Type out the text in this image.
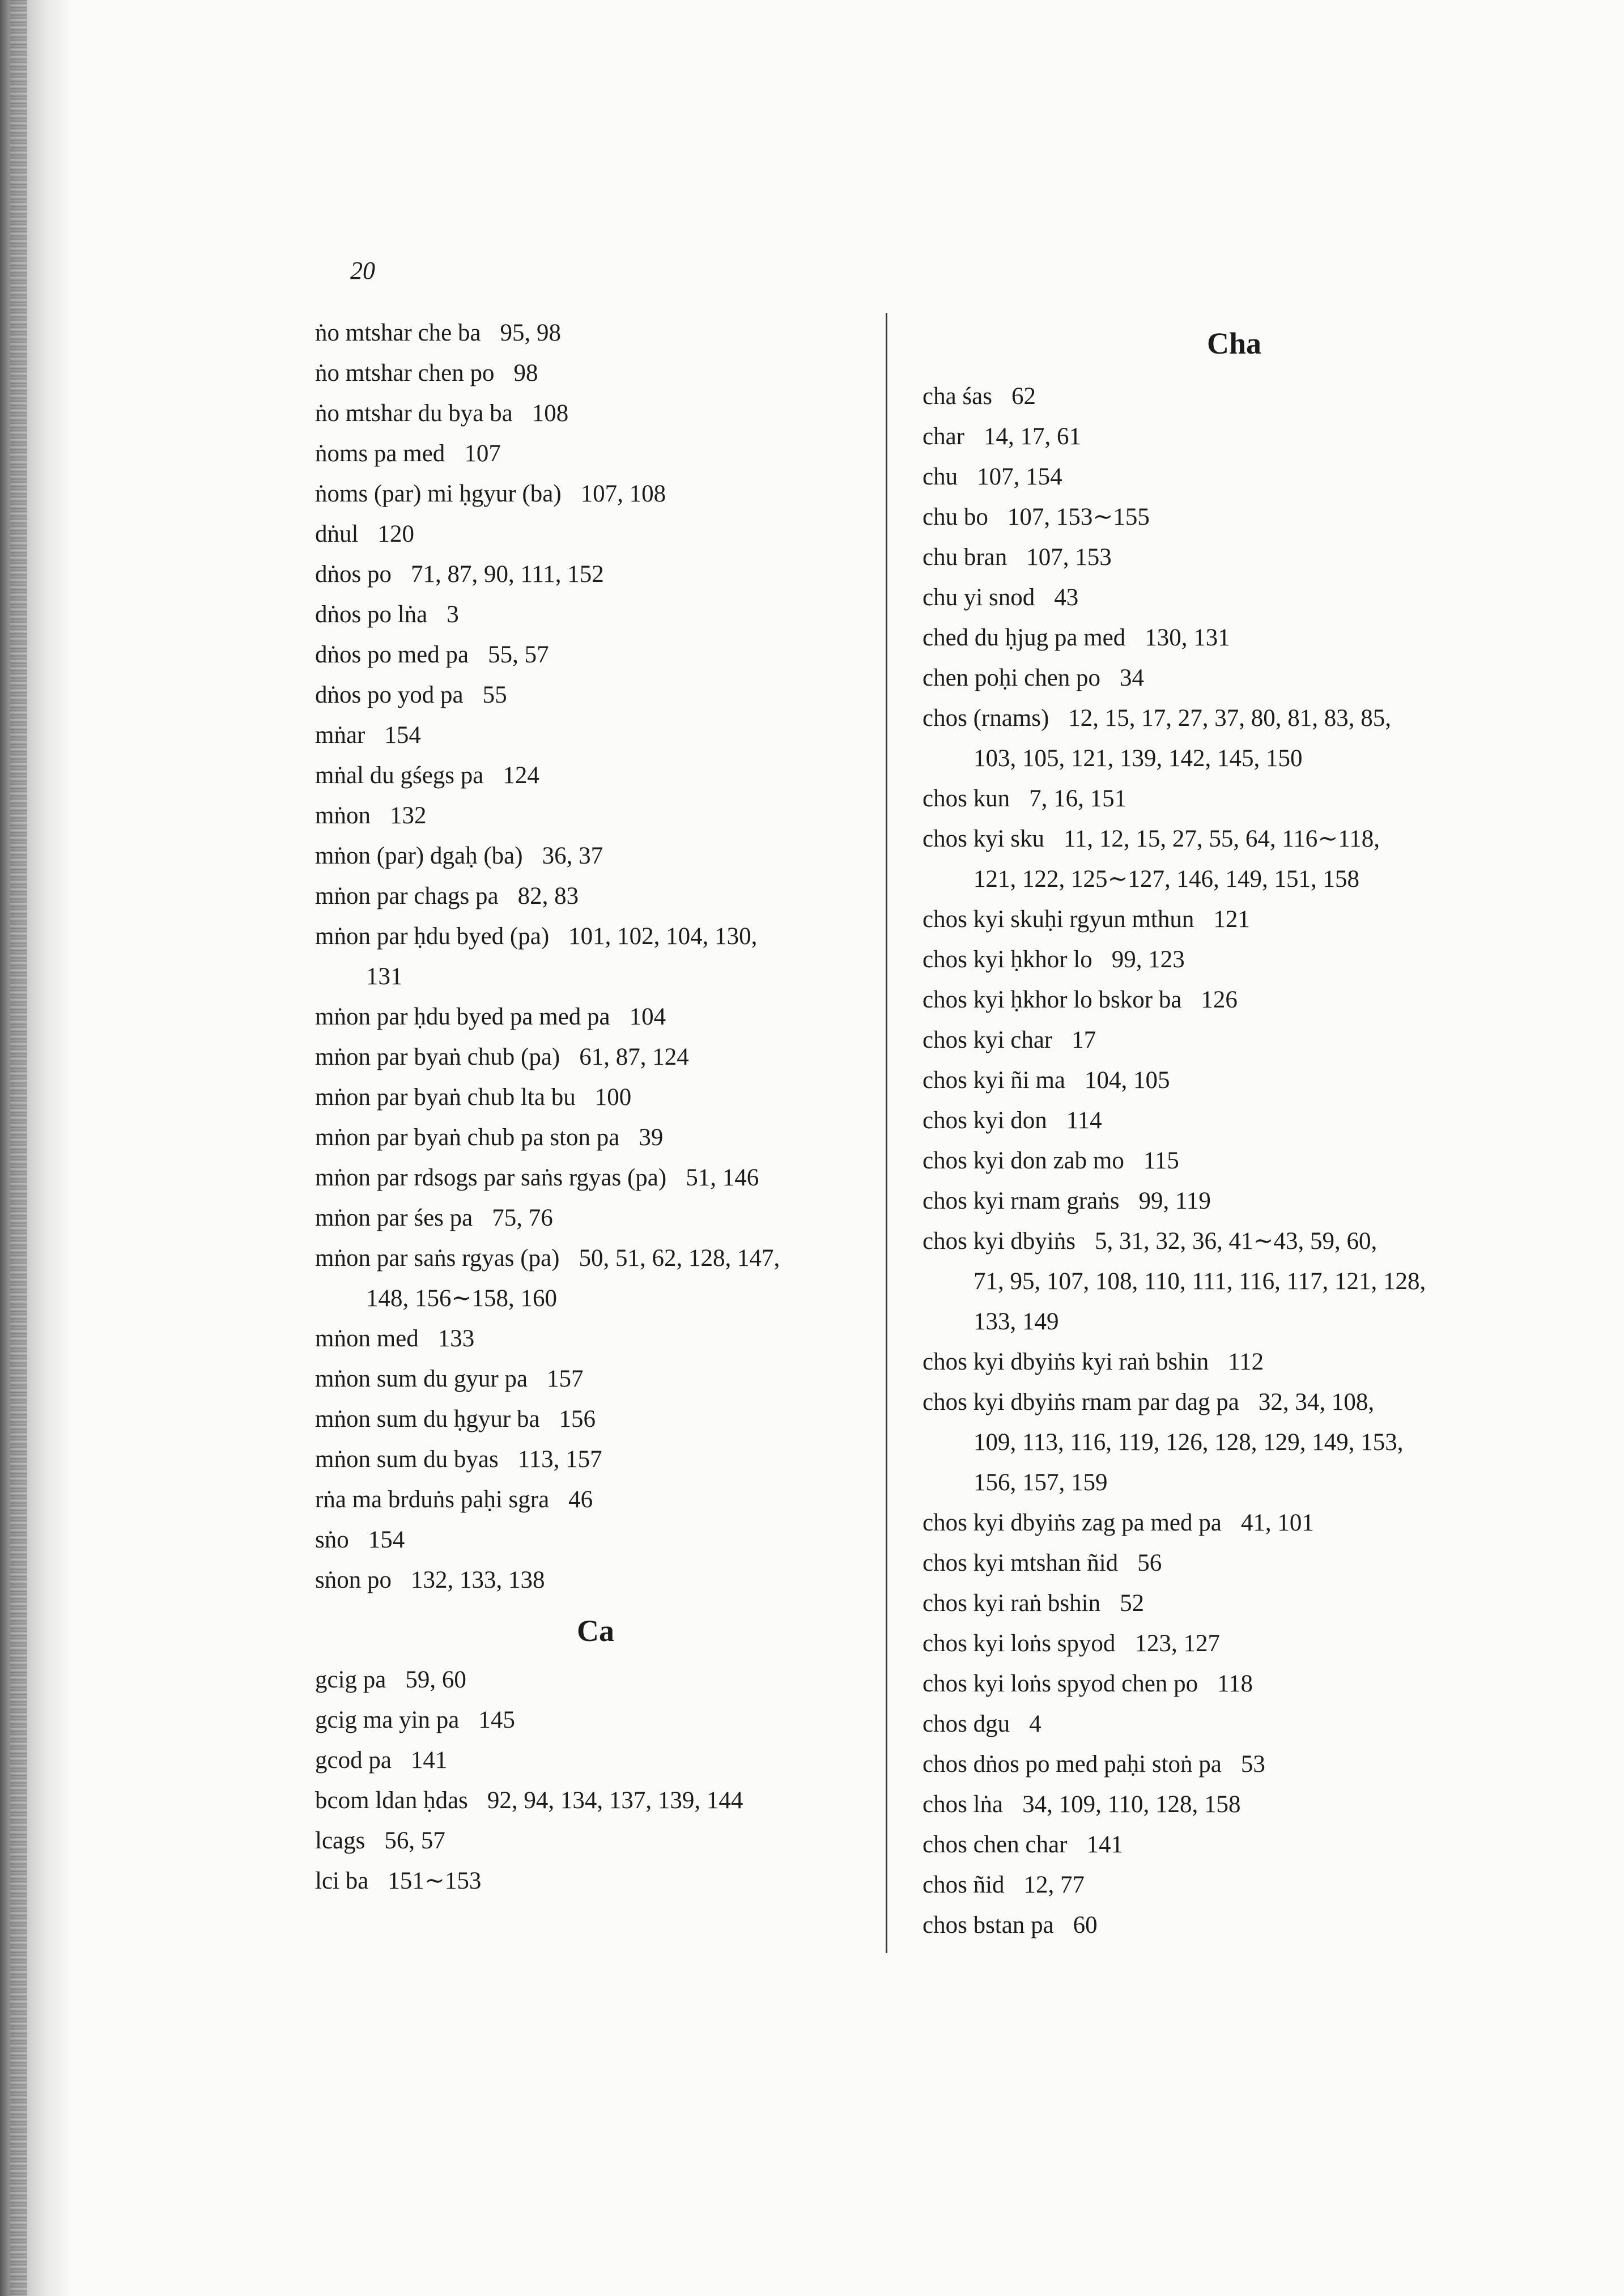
20
ṅo mtshar che ba 95, 98
ṅo mtshar chen po 98
ṅo mtshar du bya ba 108
ṅoms pa med 107
ṅoms (par) mi ḥgyur (ba) 107, 108
dṅul 120
dṅos po 71, 87, 90, 111, 152
dṅos po lṅa 3
dṅos po med pa 55, 57
dṅos po yod pa 55
mṅar 154
mṅal du gśegs pa 124
mṅon 132
mṅon (par) dgaḥ (ba) 36, 37
mṅon par chags pa 82, 83
mṅon par ḥdu byed (pa) 101, 102, 104, 130,
131
mṅon par ḥdu byed pa med pa 104
mṅon par byaṅ chub (pa) 61, 87, 124
mṅon par byaṅ chub lta bu 100
mṅon par byaṅ chub pa ston pa 39
mṅon par rdsogs par saṅs rgyas (pa) 51, 146
mṅon par śes pa 75, 76
mṅon par saṅs rgyas (pa) 50, 51, 62, 128, 147,
148, 156∼158, 160
mṅon med 133
mṅon sum du gyur pa 157
mṅon sum du ḥgyur ba 156
mṅon sum du byas 113, 157
rṅa ma brduṅs paḥi sgra 46
sṅo 154
sṅon po 132, 133, 138
Ca
gcig pa 59, 60
gcig ma yin pa 145
gcod pa 141
bcom ldan ḥdas 92, 94, 134, 137, 139, 144
lcags 56, 57
lci ba 151∼153
Cha
cha śas 62
char 14, 17, 61
chu 107, 154
chu bo 107, 153∼155
chu bran 107, 153
chu yi snod 43
ched du ḥjug pa med 130, 131
chen poḥi chen po 34
chos (rnams) 12, 15, 17, 27, 37, 80, 81, 83, 85,
103, 105, 121, 139, 142, 145, 150
chos kun 7, 16, 151
chos kyi sku 11, 12, 15, 27, 55, 64, 116∼118,
121, 122, 125∼127, 146, 149, 151, 158
chos kyi skuḥi rgyun mthun 121
chos kyi ḥkhor lo 99, 123
chos kyi ḥkhor lo bskor ba 126
chos kyi char 17
chos kyi ñi ma 104, 105
chos kyi don 114
chos kyi don zab mo 115
chos kyi rnam graṅs 99, 119
chos kyi dbyiṅs 5, 31, 32, 36, 41∼43, 59, 60,
71, 95, 107, 108, 110, 111, 116, 117, 121, 128,
133, 149
chos kyi dbyiṅs kyi raṅ bshin 112
chos kyi dbyiṅs rnam par dag pa 32, 34, 108,
109, 113, 116, 119, 126, 128, 129, 149, 153,
156, 157, 159
chos kyi dbyiṅs zag pa med pa 41, 101
chos kyi mtshan ñid 56
chos kyi raṅ bshin 52
chos kyi loṅs spyod 123, 127
chos kyi loṅs spyod chen po 118
chos dgu 4
chos dṅos po med paḥi stoṅ pa 53
chos lṅa 34, 109, 110, 128, 158
chos chen char 141
chos ñid 12, 77
chos bstan pa 60
